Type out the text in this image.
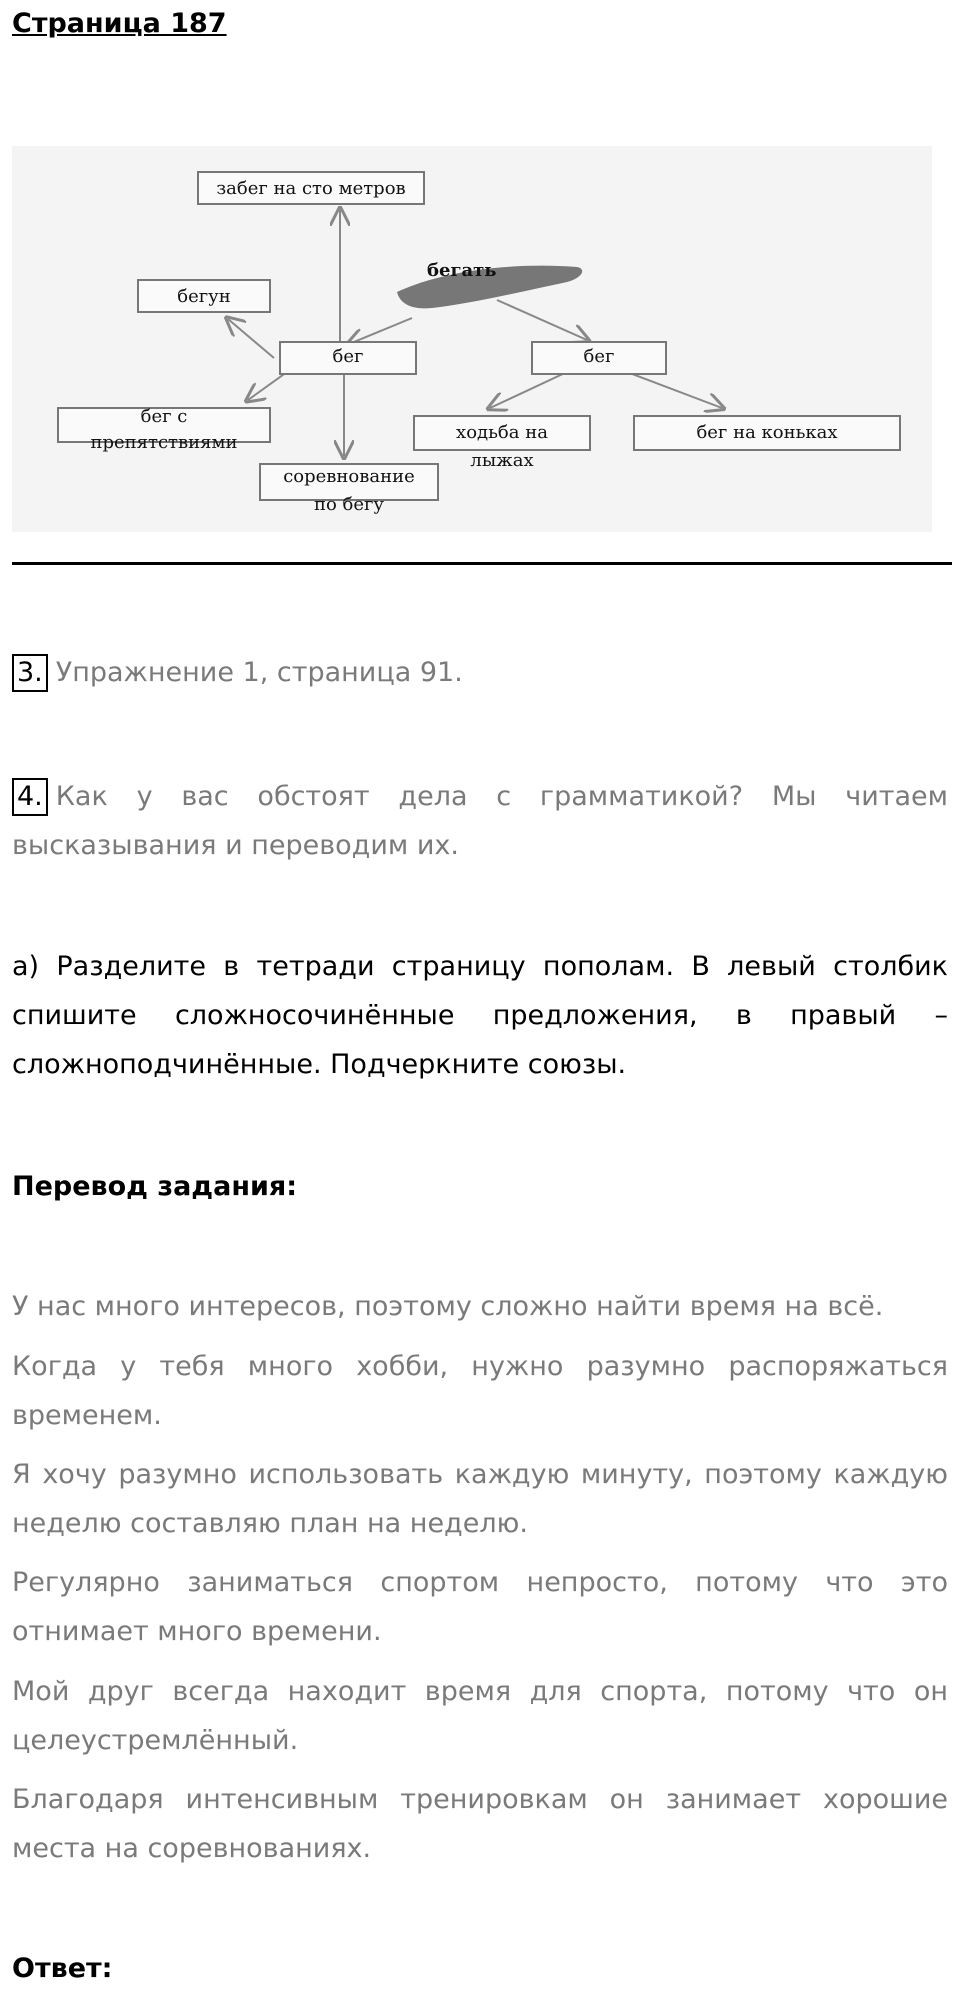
Страница 187
бегать
забег на сто метров
бегун
бег	бег
бег с
препятствиями
соревнование
по бегу
ходьба на
лыжах
бег на коньках
3. Упражнение 1, страница 91.
4. Как у вас обстоят дела с грамматикой? Мы читаем высказывания и переводим их.
а) Разделите в тетради страницу пополам. В левый столбик спишите сложносочинённые предложения, в правый – сложноподчинённые. Подчеркните союзы.
Перевод задания:
У нас много интересов, поэтому сложно найти время на всё.
Когда у тебя много хобби, нужно разумно распоряжаться временем.
Я хочу разумно использовать каждую минуту, поэтому каждую неделю составляю план на неделю.
Регулярно заниматься спортом непросто, потому что это отнимает много времени.
Мой друг всегда находит время для спорта, потому что он целеустремлённый.
Благодаря интенсивным тренировкам он занимает хорошие места на соревнованиях.
Ответ:
